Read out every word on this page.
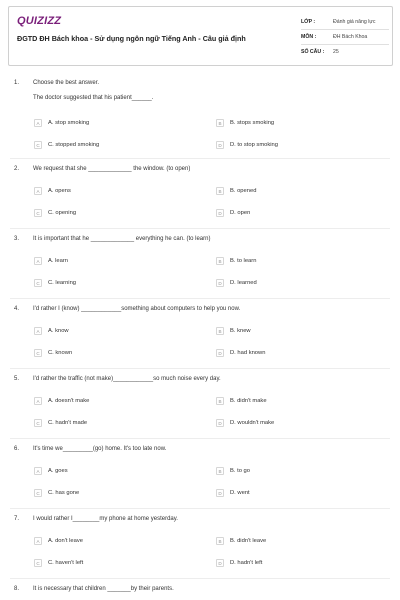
QUIZIZZ
ĐGTD ĐH Bách khoa - Sử dụng ngôn ngữ Tiếng Anh - Câu giả định
LỚP :	Đánh giá năng lực
MÔN :	ĐH Bách Khoa
SỐ CÂU :	25
1. Choose the best answer.
The doctor suggested that his patient______.
A	A. stop smoking	B	B. stops smoking
C	C. stopped smoking	D	D. to stop smoking
2. We request that she _____________ the window. (to open)
A	A. opens	B	B. opened
C	C. opening	D	D. open
3. It is important that he _____________ everything he can. (to learn)
A	A. learn	B	B. to learn
C	C. learning	D	D. learned
4. I'd rather I (know) ____________something about computers to help you now.
A	A. know	B	B. knew
C	C. known	D	D. had known
5. I'd rather the traffic (not make)____________so much noise every day.
A	A. doesn't make	B	B. didn't make
C	C. hadn't made	D	D. wouldn't make
6. It's time we_________(go) home. It's too late now.
A	A. goes	B	B. to go
C	C. has gone	D	D. went
7. I would rather I________my phone at home yesterday.
A	A. don't leave	B	B. didn't leave
C	C. haven't left	D	D. hadn't left
8. It is necessary that children _______by their parents.
